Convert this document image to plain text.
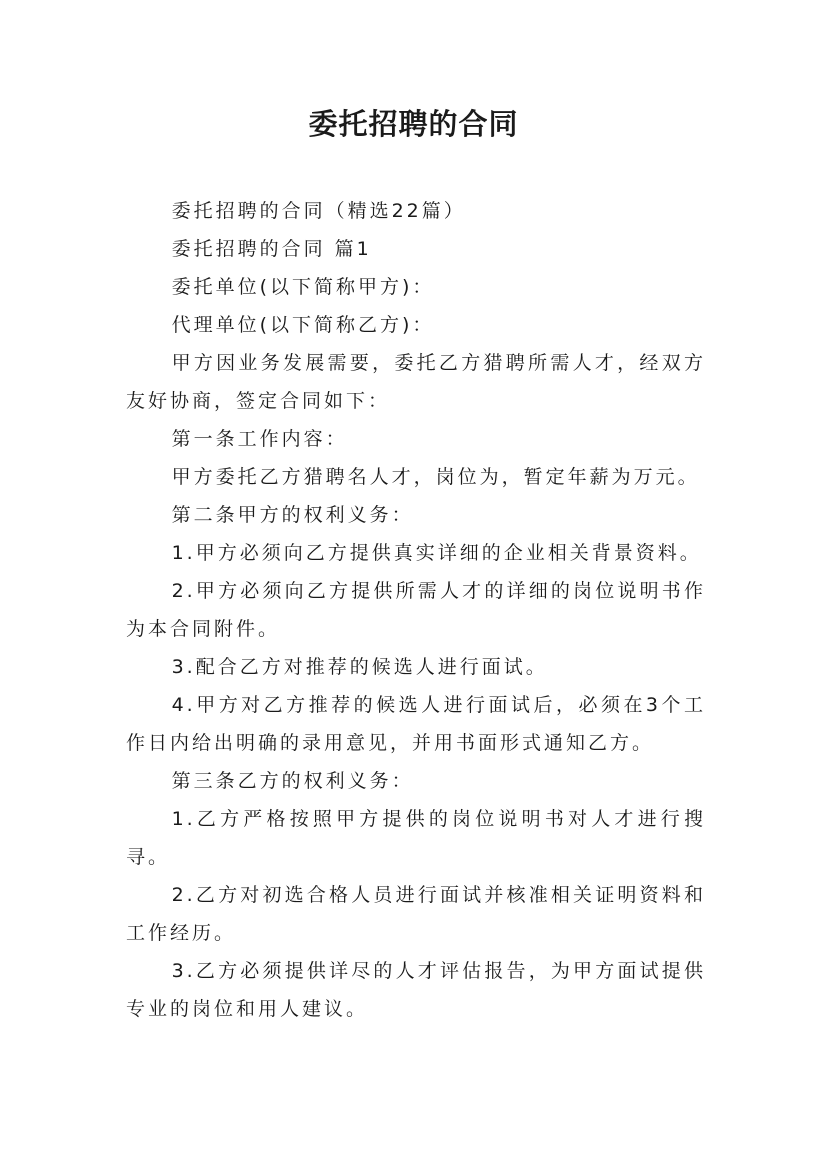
委托招聘的合同

委托招聘的合同（精选22篇）

委托招聘的合同 篇1

委托单位(以下简称甲方)：

代理单位(以下简称乙方)：

甲方因业务发展需要，委托乙方猎聘所需人才，经双方友好协商，签定合同如下：

第一条工作内容：

甲方委托乙方猎聘名人才，岗位为，暂定年薪为万元。

第二条甲方的权利义务：

1.甲方必须向乙方提供真实详细的企业相关背景资料。

2.甲方必须向乙方提供所需人才的详细的岗位说明书作为本合同附件。

3.配合乙方对推荐的候选人进行面试。

4.甲方对乙方推荐的候选人进行面试后，必须在3个工作日内给出明确的录用意见，并用书面形式通知乙方。

第三条乙方的权利义务：

1.乙方严格按照甲方提供的岗位说明书对人才进行搜寻。

2.乙方对初选合格人员进行面试并核准相关证明资料和工作经历。

3.乙方必须提供详尽的人才评估报告，为甲方面试提供专业的岗位和用人建议。
